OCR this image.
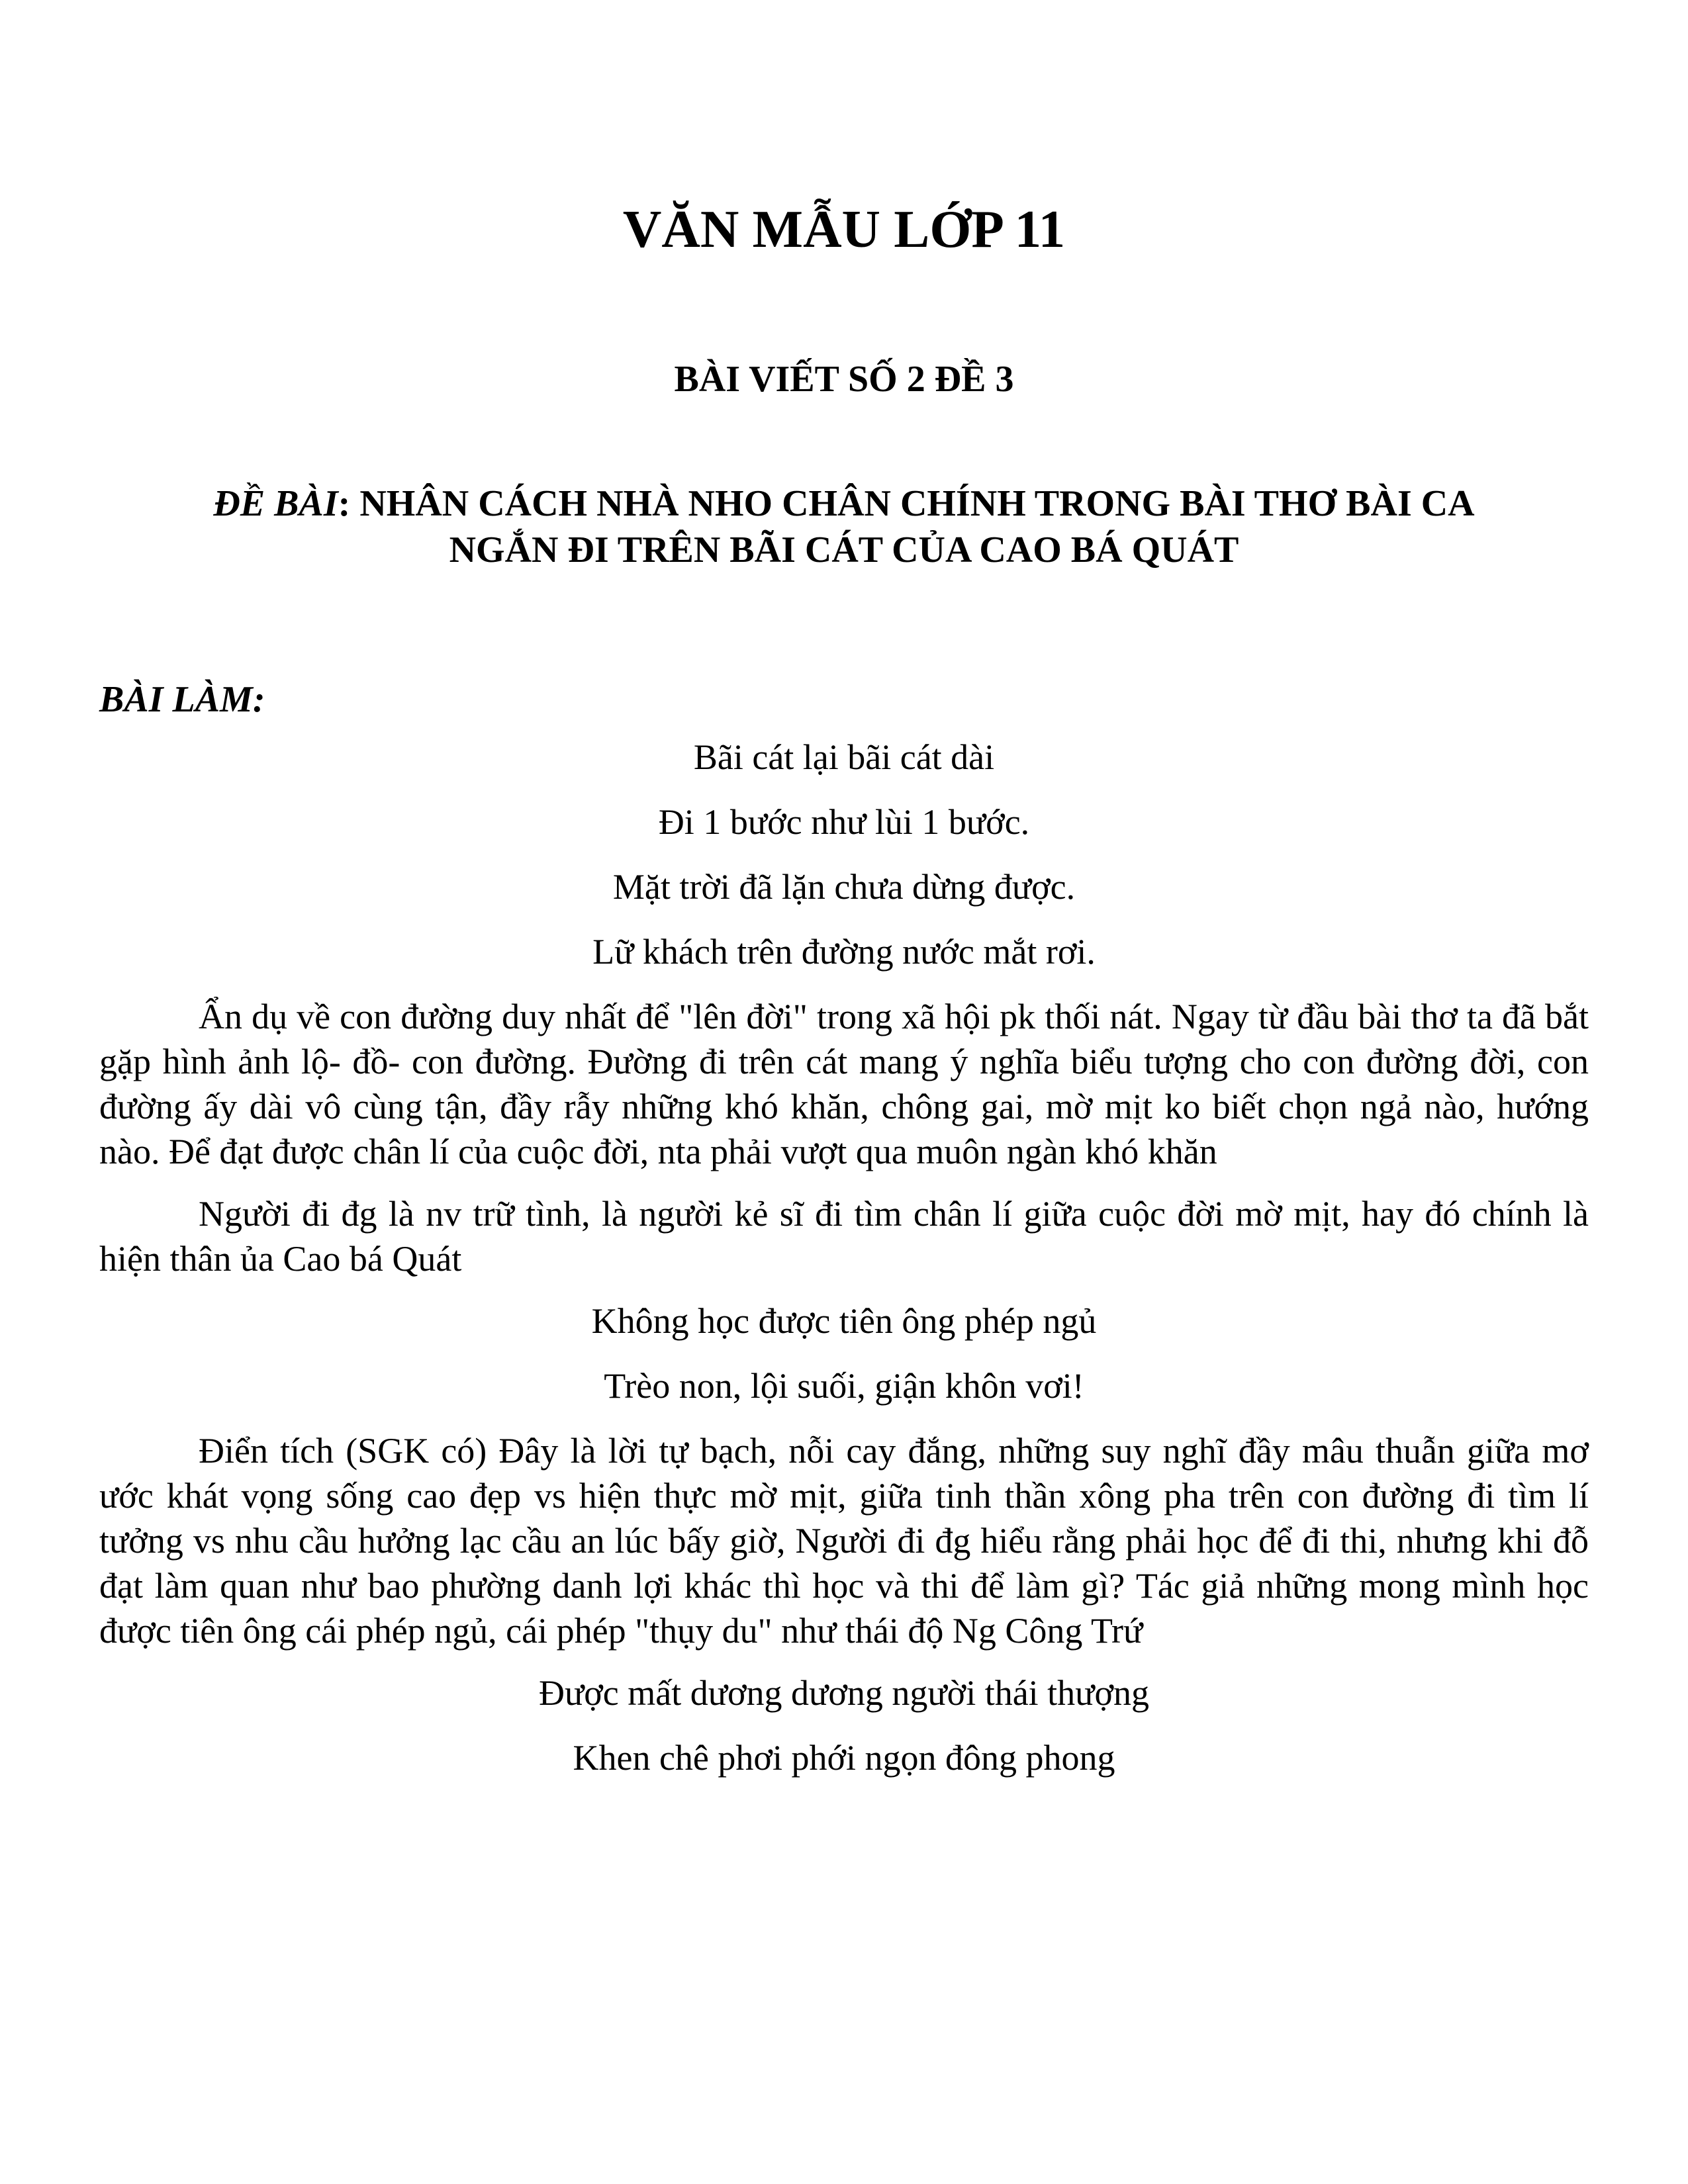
VĂN MẪU LỚP 11
BÀI VIẾT SỐ 2 ĐỀ 3
ĐỀ BÀI: NHÂN CÁCH NHÀ NHO CHÂN CHÍNH TRONG BÀI THƠ BÀI CA
NGẮN ĐI TRÊN BÃI CÁT CỦA CAO BÁ QUÁT

BÀI LÀM:

Bãi cát lại bãi cát dài

Đi 1 bước như lùi 1 bước.

Mặt trời đã lặn chưa dừng được.

Lữ khách trên đường nước mắt rơi.

Ẩn dụ về con đường duy nhất để "lên đời" trong xã hội pk thối nát. Ngay từ đầu bài thơ ta đã bắt gặp hình ảnh lộ- đồ- con đường. Đường đi trên cát mang ý nghĩa biểu tượng cho con đường đời, con đường ấy dài vô cùng tận, đầy rẫy những khó khăn, chông gai, mờ mịt ko biết chọn ngả nào, hướng nào. Để đạt được chân lí của cuộc đời, nta phải vượt qua muôn ngàn khó khăn

Người đi đg là nv trữ tình, là người kẻ sĩ đi tìm chân lí giữa cuộc đời mờ mịt, hay đó chính là hiện thân ủa Cao bá Quát

Không học được tiên ông phép ngủ

Trèo non, lội suối, giận khôn vơi!

Điển tích (SGK có) Đây là lời tự bạch, nỗi cay đắng, những suy nghĩ đầy mâu thuẫn giữa mơ ước khát vọng sống cao đẹp vs hiện thực mờ mịt, giữa tinh thần xông pha trên con đường đi tìm lí tưởng vs nhu cầu hưởng lạc cầu an lúc bấy giờ, Người đi đg hiểu rằng phải học để đi thi, nhưng khi đỗ đạt làm quan như bao phường danh lợi khác thì học và thi để làm gì? Tác giả những mong mình học được tiên ông cái phép ngủ, cái phép "thụy du" như thái độ Ng Công Trứ

Được mất dương dương người thái thượng

Khen chê phơi phới ngọn đông phong
